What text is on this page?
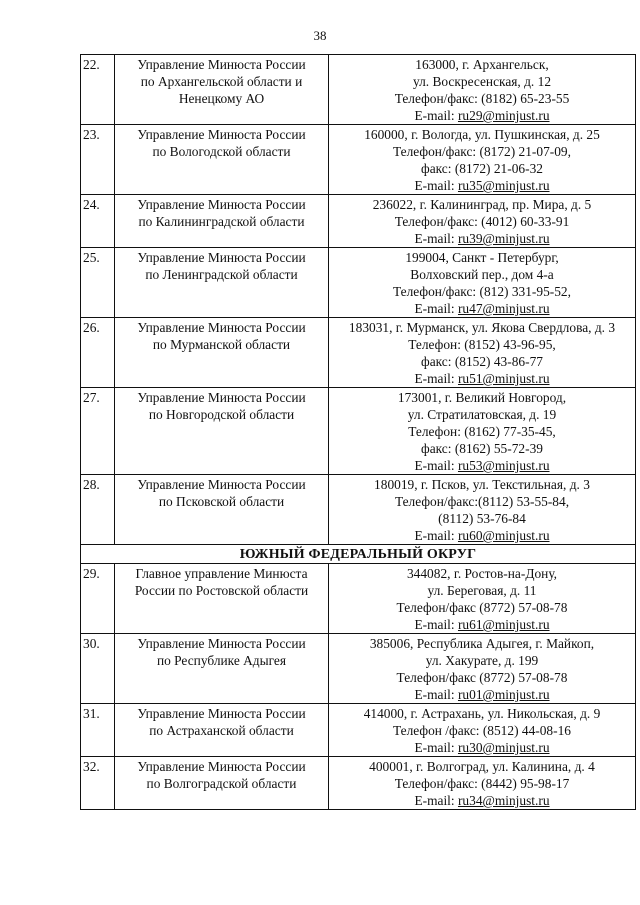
38
22.	Управление Минюста России
по Архангельской области и
Ненецкому АО	163000, г. Архангельск,
ул. Воскресенская, д. 12
Телефон/факс: (8182) 65-23-55
E-mail: ru29@minjust.ru

23.	Управление Минюста России
по Вологодской области	160000, г. Вологда, ул. Пушкинская, д. 25
Телефон/факс: (8172) 21-07-09,
факс: (8172) 21-06-32
E-mail: ru35@minjust.ru

24.	Управление Минюста России
по Калининградской области	236022, г. Калининград, пр. Мира, д. 5
Телефон/факс: (4012) 60-33-91
E-mail: ru39@minjust.ru

25.	Управление Минюста России
по Ленинградской области	199004, Санкт - Петербург,
Волховский пер., дом 4-а
Телефон/факс: (812) 331-95-52,
E-mail: ru47@minjust.ru

26.	Управление Минюста России
по Мурманской области	183031, г. Мурманск, ул. Якова Свердлова, д. 3
Телефон: (8152) 43-96-95,
факс: (8152) 43-86-77
E-mail: ru51@minjust.ru

27.	Управление Минюста России
по Новгородской области	173001, г. Великий Новгород,
ул. Стратилатовская, д. 19
Телефон: (8162) 77-35-45,
факс: (8162) 55-72-39
E-mail: ru53@minjust.ru

28.	Управление Минюста России
по Псковской области	180019, г. Псков, ул. Текстильная, д. 3
Телефон/факс:(8112) 53-55-84,
(8112) 53-76-84
E-mail: ru60@minjust.ru

ЮЖНЫЙ ФЕДЕРАЛЬНЫЙ ОКРУГ		
29.	Главное управление Минюста
России по Ростовской области	344082, г. Ростов-на-Дону,
ул. Береговая, д. 11
Телефон/факс (8772) 57-08-78
E-mail: ru61@minjust.ru

30.	Управление Минюста России
по Республике Адыгея	385006, Республика Адыгея, г. Майкоп,
ул. Хакурате, д. 199
Телефон/факс (8772) 57-08-78
E-mail: ru01@minjust.ru

31.	Управление Минюста России
по Астраханской области	414000, г. Астрахань, ул. Никольская, д. 9
Телефон /факс: (8512) 44-08-16
E-mail: ru30@minjust.ru

32.	Управление Минюста России
по Волгоградской области	400001, г. Волгоград, ул. Калинина, д. 4
Телефон/факс: (8442) 95-98-17
E-mail: ru34@minjust.ru
